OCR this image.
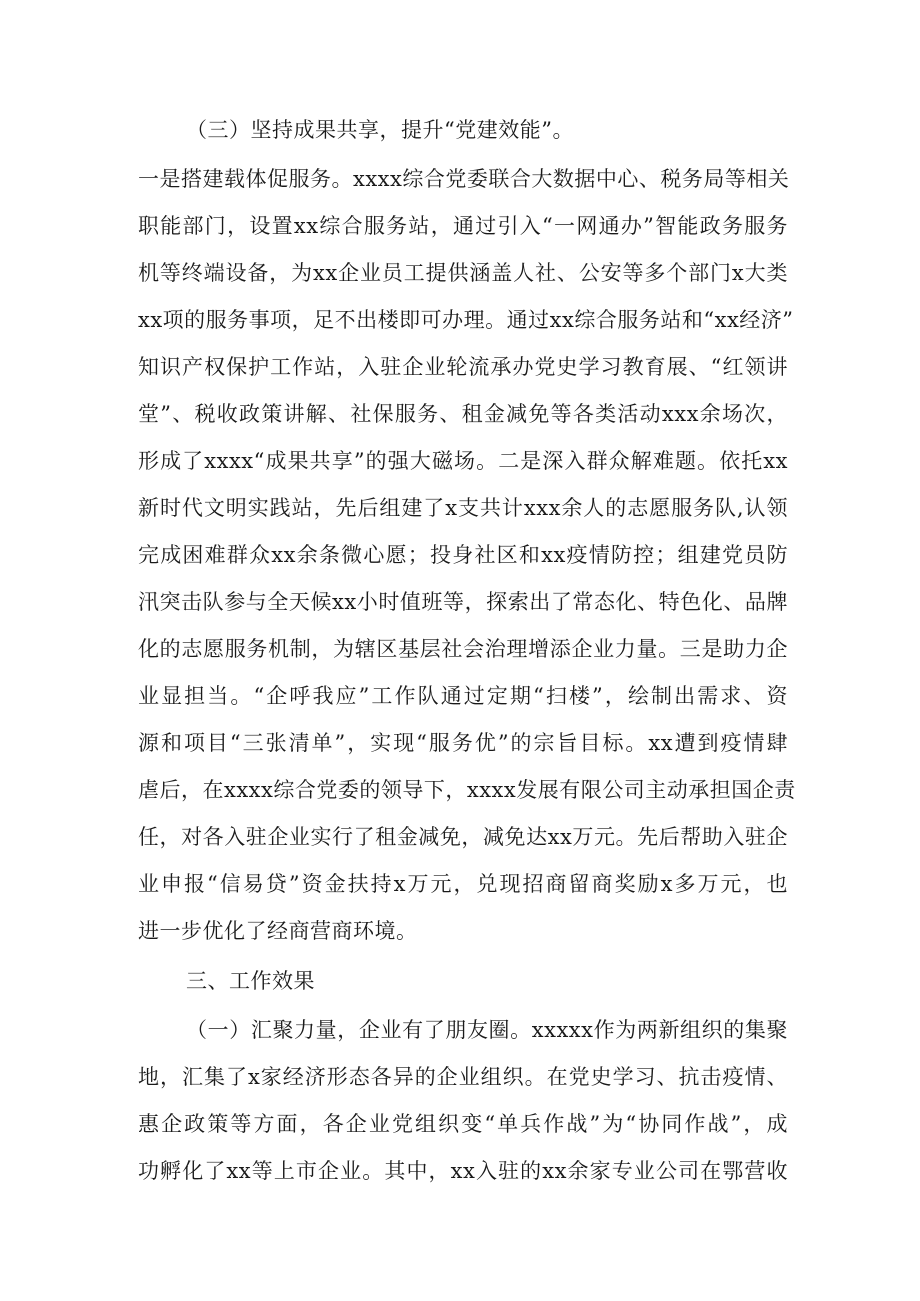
（三）坚持成果共享，提升“党建效能”。
一是搭建载体促服务。xxxx综合党委联合大数据中心、税务局等相关
职能部门，设置xx综合服务站，通过引入“一网通办”智能政务服务
机等终端设备，为xx企业员工提供涵盖人社、公安等多个部门x大类
xx项的服务事项，足不出楼即可办理。通过xx综合服务站和“xx经济”
知识产权保护工作站，入驻企业轮流承办党史学习教育展、“红领讲
堂”、税收政策讲解、社保服务、租金减免等各类活动xxx余场次，
形成了xxxx“成果共享”的强大磁场。二是深入群众解难题。依托xx
新时代文明实践站，先后组建了x支共计xxx余人的志愿服务队,认领
完成困难群众xx余条微心愿；投身社区和xx疫情防控；组建党员防
汛突击队参与全天候xx小时值班等，探索出了常态化、特色化、品牌
化的志愿服务机制，为辖区基层社会治理增添企业力量。三是助力企
业显担当。“企呼我应”工作队通过定期“扫楼”，绘制出需求、资
源和项目“三张清单”，实现“服务优”的宗旨目标。xx遭到疫情肆
虐后，在xxxx综合党委的领导下，xxxx发展有限公司主动承担国企责
任，对各入驻企业实行了租金减免，减免达xx万元。先后帮助入驻企
业申报“信易贷”资金扶持x万元，兑现招商留商奖励x多万元，也
进一步优化了经商营商环境。
三、工作效果
（一）汇聚力量，企业有了朋友圈。xxxxx作为两新组织的集聚
地，汇集了x家经济形态各异的企业组织。在党史学习、抗击疫情、
惠企政策等方面，各企业党组织变“单兵作战”为“协同作战”，成
功孵化了xx等上市企业。其中，xx入驻的xx余家专业公司在鄂营收
